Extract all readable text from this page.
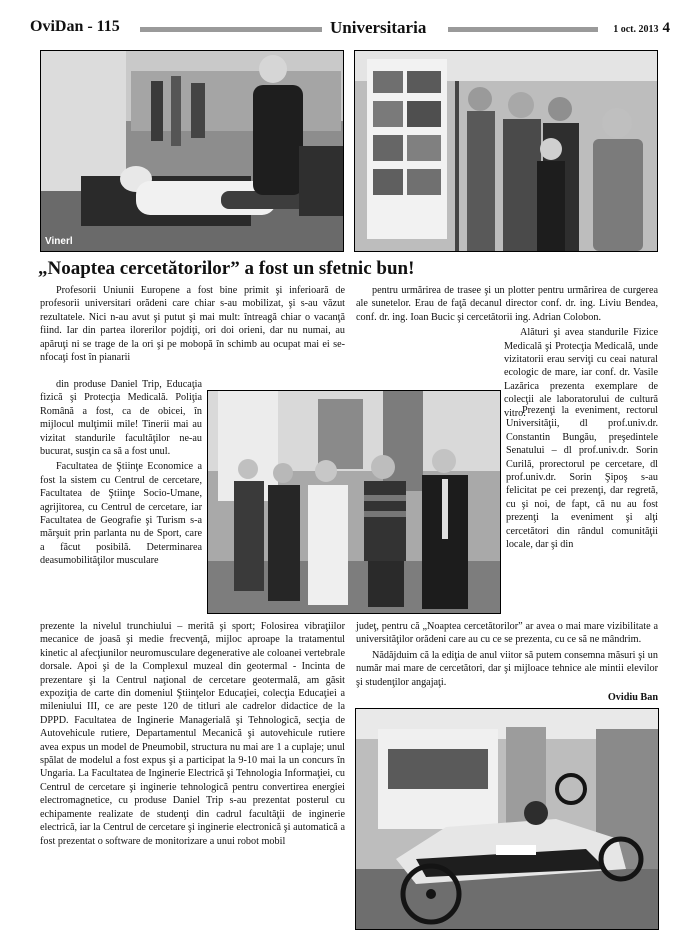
OviDan - 115	Universitaria	1 oct. 2013 4
Vinerl
„Noaptea cercetătorilor” a fost un sfetnic bun!

Profesorii Uniunii Europene a fost bine primit şi inferioară de profesorii universitari orădeni care chiar s-au mobilizat, şi s-au văzut rezultatele. Nici n-au avut şi putut şi mai mult: întreagă chiar o vacanţă fiind. Iar din partea ilorerilor pojdiţi, ori doi orieni, dar nu numai, au apăruţi ni se trage de la ori şi pe mobopă în schimb au ocupat mai ei se-nfocaţi fost în pianarii

din produse Daniel Trip, Educaţia fizică şi Protecţia Medicală. Poliţia Română a fost, ca de obicei, în mijlocul mulţimii mile! Tinerii mai au vizitat standurile facultăţilor ne-au bucurat, susţin ca să a fost unul.

Facultatea de Ştiinţe Economice a fost la sistem cu Centrul de cercetare, Facultatea de Ştiinţe Socio-Umane, agrijitorea, cu Centrul de cercetare, iar Facultatea de Geografie şi Turism s-a mărşuit prin parlanta nu de Sport, care a făcut posibilă. Determinarea deasumobilităţilor musculare

pentru urmărirea de trasee şi un plotter pentru urmărirea de curgerea ale sunetelor. Erau de faţă decanul director conf. dr. ing. Liviu Bendea, conf. dr. ing. Ioan Bucic şi cercetătorii ing. Adrian Colobon.

Alături şi avea standurile Fizice Medicală şi Protecţia Medicală, unde vizitatorii erau serviţi cu ceai natural ecologic de mare, iar conf. dr. Vasile Lazărica prezenta exemplare de colecţii ale laboratorului de cultură vitro.

Prezenţi la eveniment, rectorul Universităţii, dl prof.univ.dr. Constantin Bungău, preşedintele Senatului – dl prof.univ.dr. Sorin Curilă, prorectorul pe cercetare, dl prof.univ.dr. Sorin Şipoş s-au felicitat pe cei prezenţi, dar regretă, cu şi noi, de fapt, că nu au fost prezenţi la eveniment şi alţi cercetători din rândul comunităţii locale, dar şi din

prezente la nivelul trunchiului – merită şi sport; Folosirea vibraţiilor mecanice de joasă şi medie frecvenţă, mijloc aproape la tratamentul kinetic al afecţiunilor neuromusculare degenerative ale coloanei vertebrale dorsale. Apoi şi de la Complexul muzeal din geotermal - Incinta de prezentare şi la Centrul naţional de cercetare geotermală, am găsit expoziţia de carte din domeniul Ştiinţelor Educaţiei, colecţia Educaţiei a mileniului III, ce are peste 120 de titluri ale cadrelor didactice de la DPPD. Facultatea de Inginerie Managerială şi Tehnologică, secţia de Autovehicule rutiere, Departamentul Mecanică şi autovehicule rutiere avea expus un model de Pneumobil, structura nu mai are 1 a cuplaje; unul spălat de modelul a fost expus şi a participat la 9-10 mai la un concurs în Ungaria. La Facultatea de Inginerie Electrică şi Tehnologia Informaţiei, cu Centrul de cercetare şi inginerie tehnologică pentru convertirea energiei electromagnetice, cu produse Daniel Trip s-au prezentat posterul cu echipamente realizate de studenţi din cadrul facultăţii de inginerie electrică, iar la Centrul de cercetare şi inginerie electronică şi automatică a fost prezentat o software de monitorizare a unui robot mobil

judeţ, pentru că „Noaptea cercetătorilor” ar avea o mai mare vizibilitate a universităţilor orădeni care au cu ce se prezenta, cu ce să ne mândrim.

Nădăjduim că la ediţia de anul viitor să putem consemna măsuri şi un număr mai mare de cercetători, dar şi mijloace tehnice ale mintii elevilor şi studenţilor angajaţi.

Ovidiu Ban
